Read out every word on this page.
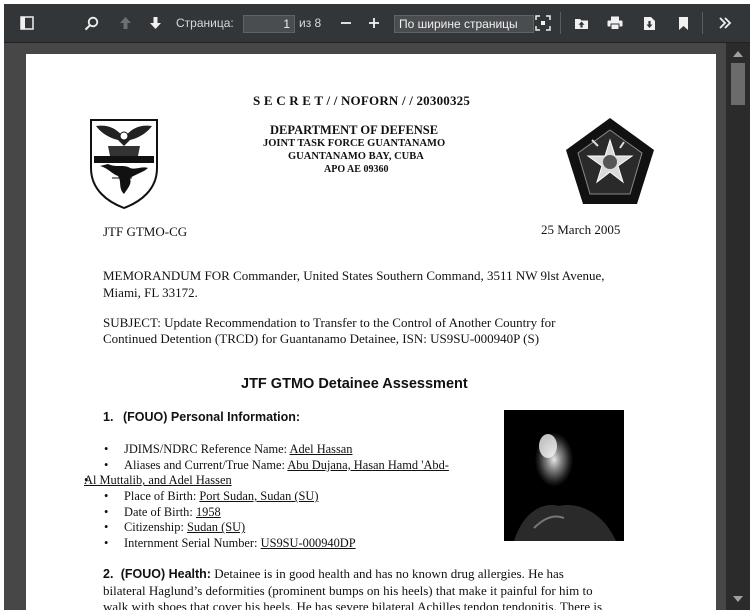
Страница:	1 из 8	По ширине страницы
S E C R E T / / NOFORN / / 20300325
DEPARTMENT OF DEFENSE
JOINT TASK FORCE GUANTANAMO
GUANTANAMO BAY, CUBA
APO AE 09360
JTF GTMO-CG	25 March 2005
MEMORANDUM FOR Commander, United States Southern Command, 3511 NW 9lst Avenue,
Miami, FL 33172.
SUBJECT: Update Recommendation to Transfer to the Control of Another Country for
Continued Detention (TRCD) for Guantanamo Detainee, ISN: US9SU-000940P (S)
JTF GTMO Detainee Assessment
1. (FOUO) Personal Information:
• JDIMS/NDRC Reference Name: Adel Hassan
• Aliases and Current/True Name: Abu Dujana, Hasan Hamd 'Abd-
• Al Muttalib, and Adel Hassen
• Place of Birth: Port Sudan, Sudan (SU)
• Date of Birth: 1958
• Citizenship: Sudan (SU)
• Internment Serial Number: US9SU-000940DP
2. (FOUO) Health: Detainee is in good health and has no known drug allergies. He has
bilateral Haglund’s deformities (prominent bumps on his heels) that make it painful for him to
walk with shoes that cover his heels. He has severe bilateral Achilles tendon tendonitis. There is
